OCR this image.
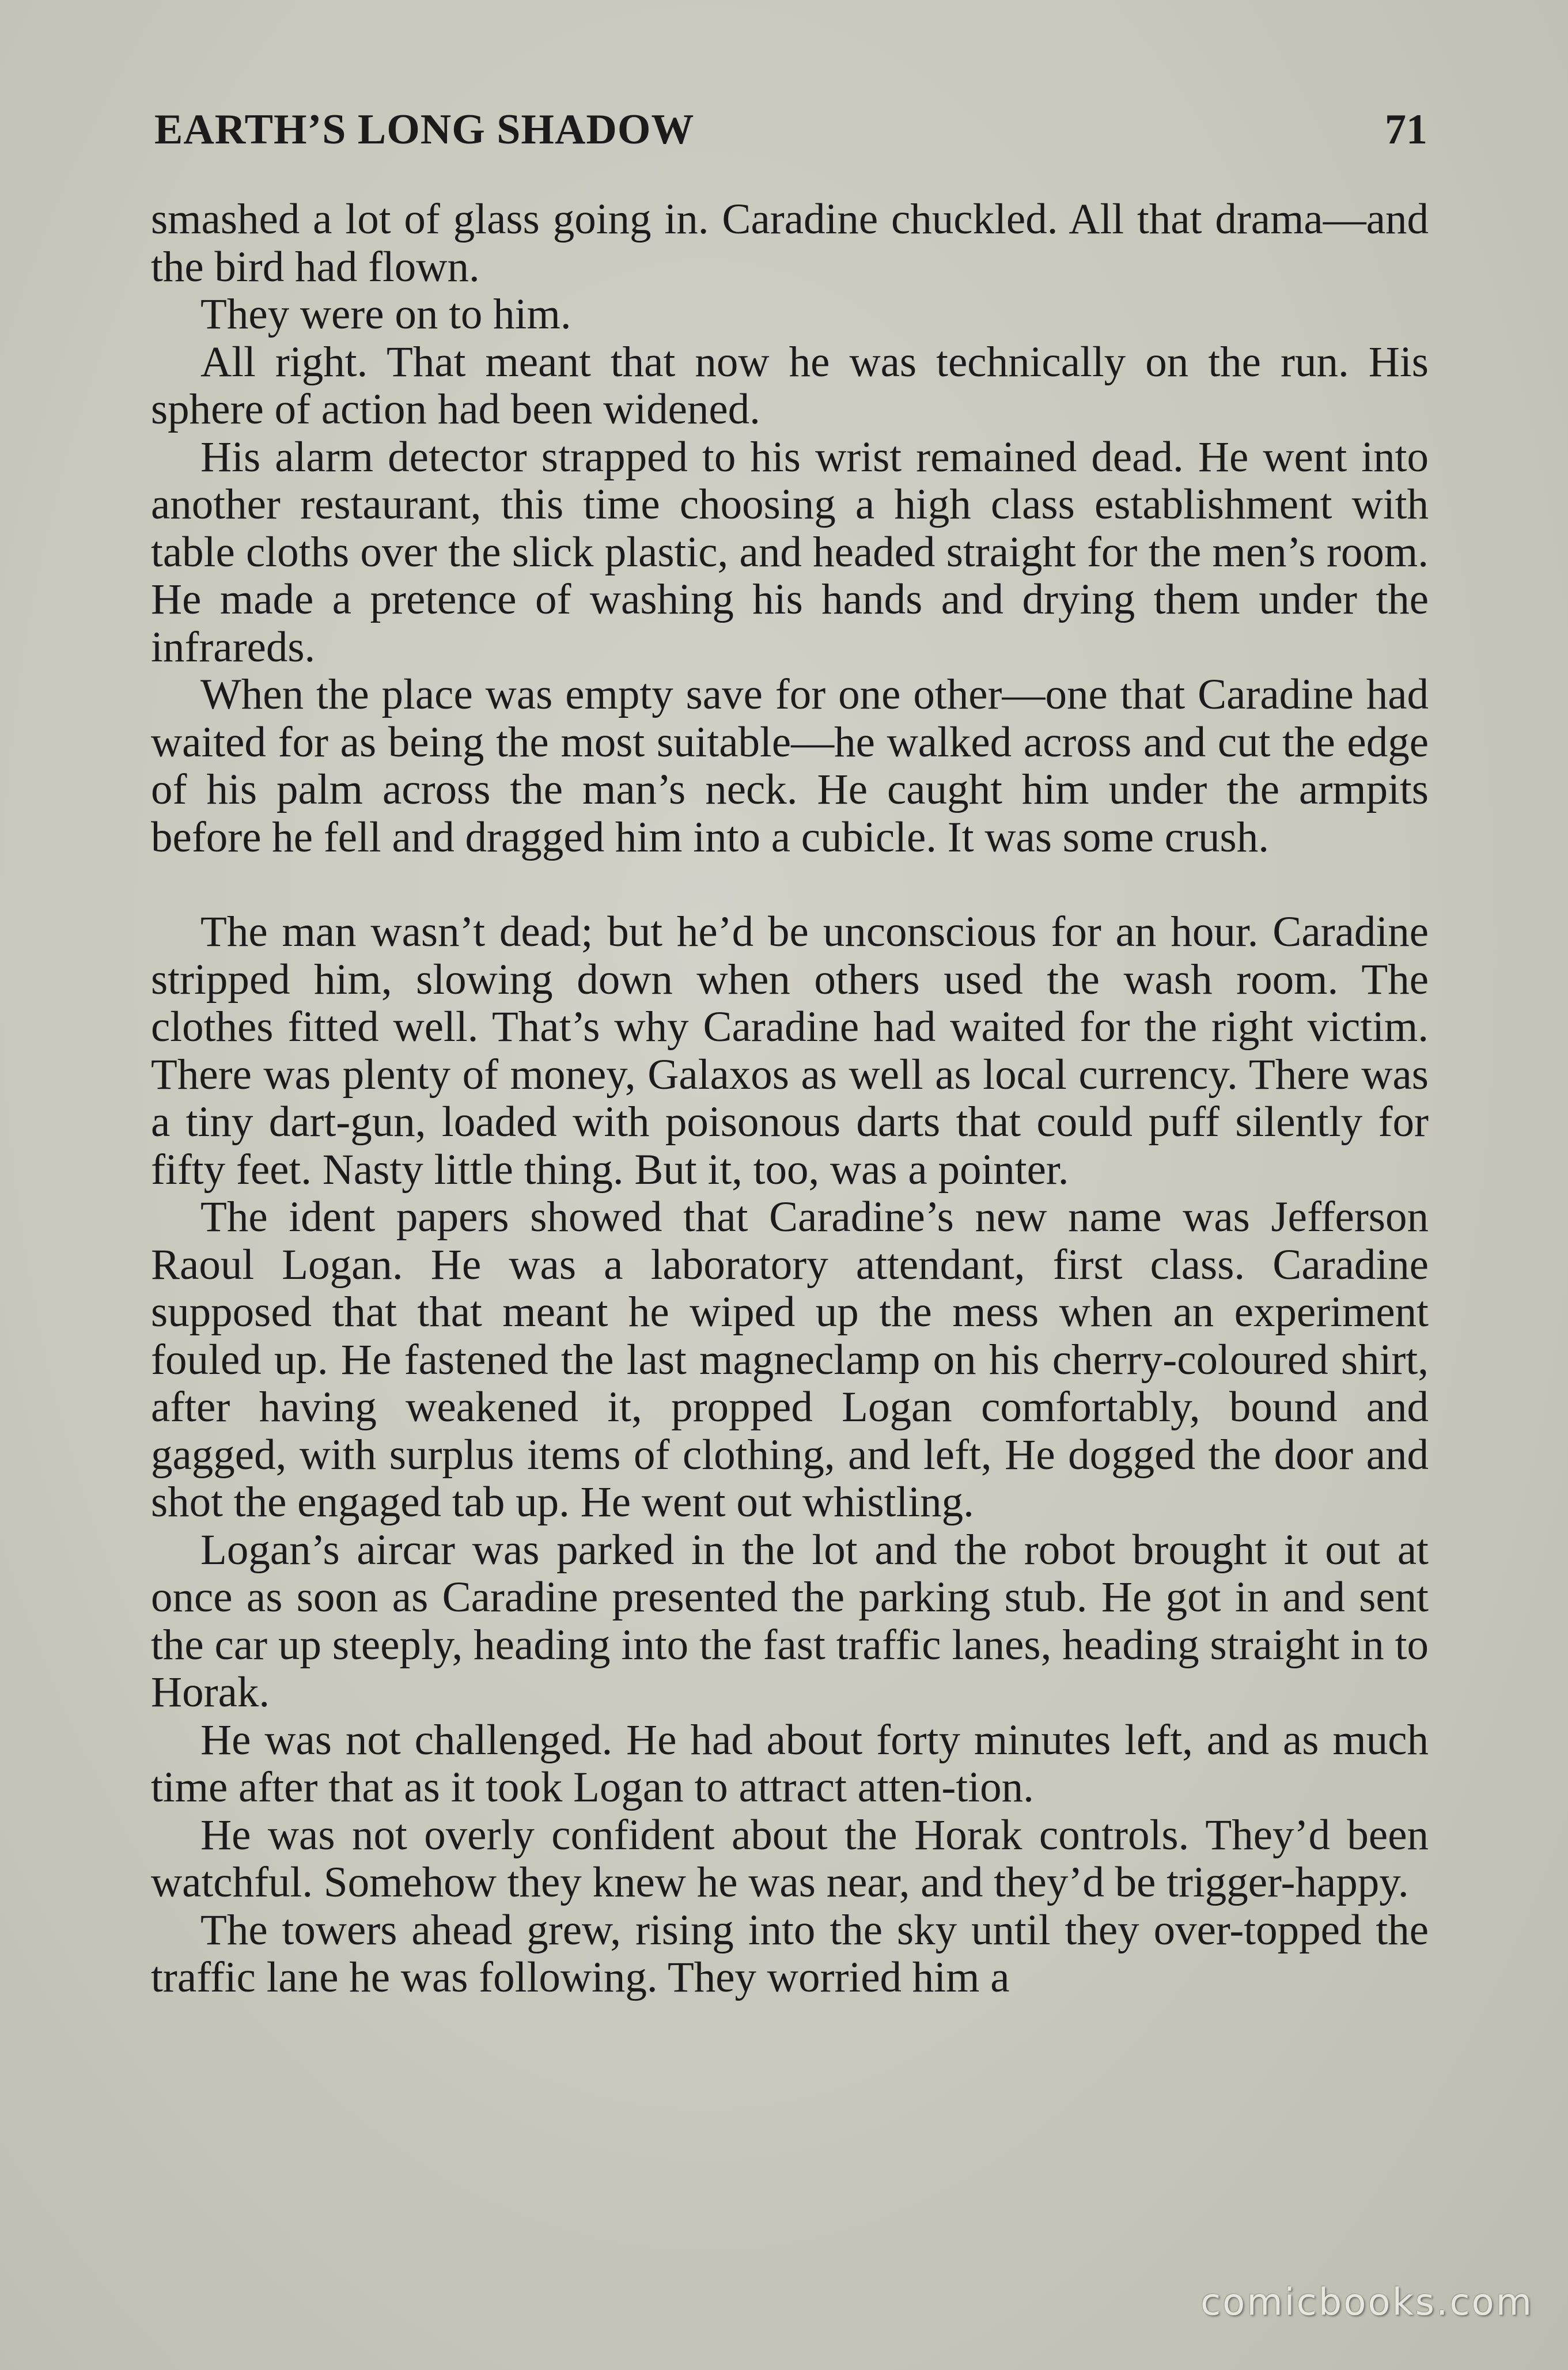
EARTH’S LONG SHADOW	71

smashed a lot of glass going in. Caradine chuckled. All that drama—and the bird had flown.

They were on to him.

All right. That meant that now he was technically on the run. His sphere of action had been widened.

His alarm detector strapped to his wrist remained dead. He went into another restaurant, this time choosing a high class establishment with table cloths over the slick plastic, and headed straight for the men’s room. He made a pretence of washing his hands and drying them under the infrareds.

When the place was empty save for one other—one that Caradine had waited for as being the most suitable—he walked across and cut the edge of his palm across the man’s neck. He caught him under the armpits before he fell and dragged him into a cubicle. It was some crush.

The man wasn’t dead; but he’d be unconscious for an hour. Caradine stripped him, slowing down when others used the wash room. The clothes fitted well. That’s why Caradine had waited for the right victim. There was plenty of money, Galaxos as well as local currency. There was a tiny dart-gun, loaded with poisonous darts that could puff silently for fifty feet. Nasty little thing. But it, too, was a pointer.

The ident papers showed that Caradine’s new name was Jefferson Raoul Logan. He was a laboratory attendant, first class. Caradine supposed that that meant he wiped up the mess when an experiment fouled up. He fastened the last magneclamp on his cherry-coloured shirt, after having weakened it, propped Logan comfortably, bound and gagged, with surplus items of clothing, and left, He dogged the door and shot the engaged tab up. He went out whistling.

Logan’s aircar was parked in the lot and the robot brought it out at once as soon as Caradine presented the parking stub. He got in and sent the car up steeply, heading into the fast traffic lanes, heading straight in to Horak.

He was not challenged. He had about forty minutes left, and as much time after that as it took Logan to attract atten-tion.

He was not overly confident about the Horak controls. They’d been watchful. Somehow they knew he was near, and they’d be trigger-happy.

The towers ahead grew, rising into the sky until they over-topped the traffic lane he was following. They worried him a

comicbooks.com
